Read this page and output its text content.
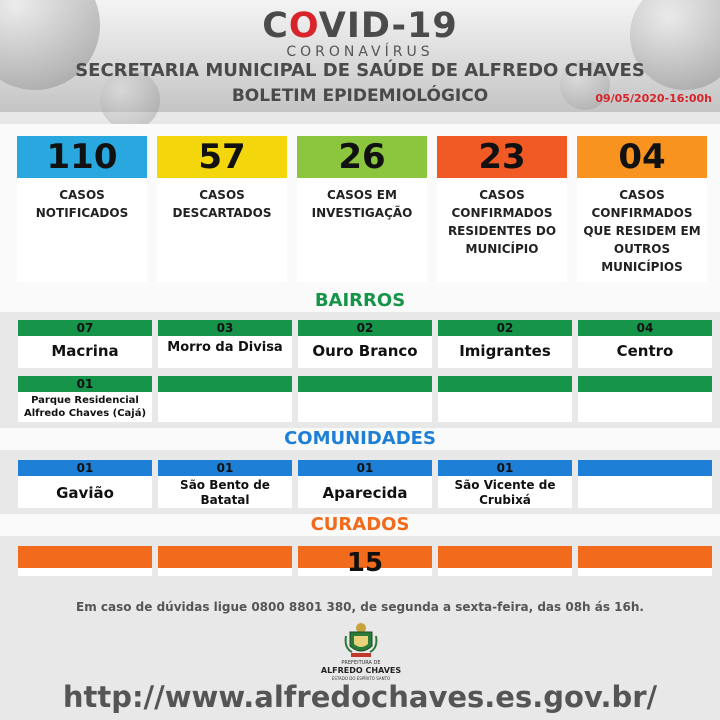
COVID-19
CORONAVÍRUS
SECRETARIA MUNICIPAL DE SAÚDE DE ALFREDO CHAVES
BOLETIM EPIDEMIOLÓGICO	09/05/2020-16:00h
110
CASOS NOTIFICADOS
57
CASOS DESCARTADOS
26
CASOS EM INVESTIGAÇÃO
23
CASOS CONFIRMADOS RESIDENTES DO MUNICÍPIO
04
CASOS CONFIRMADOS QUE RESIDEM EM OUTROS MUNICÍPIOS
BAIRROS
07
Macrina
03
Morro da Divisa
02
Ouro Branco
02
Imigrantes
04
Centro
01
Parque Residencial Alfredo Chaves (Cajá)
COMUNIDADES
01
Gavião
01
São Bento de Batatal
01
Aparecida
01
São Vicente de Crubixá
CURADOS
15
Em caso de dúvidas ligue 0800 8801 380, de segunda a sexta-feira, das 08h ás 16h.
PREFEITURA DE
ALFREDO CHAVES
ESTADO DO ESPÍRITO SANTO
http://www.alfredochaves.es.gov.br/
